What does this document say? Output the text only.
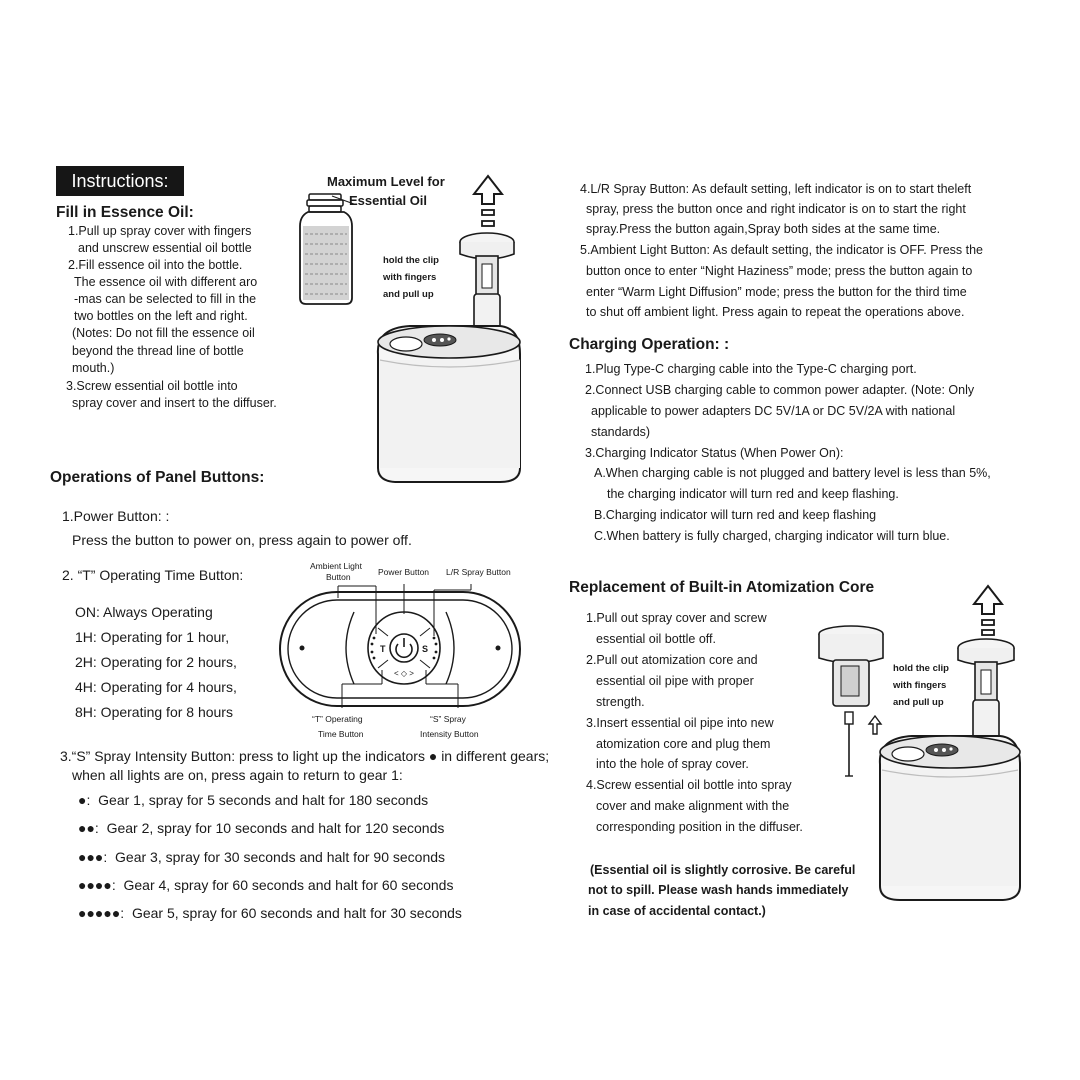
Instructions:
Fill in Essence Oil:
1.Pull up spray cover with fingers
and unscrew essential oil bottle
2.Fill essence oil into the bottle.
The essence oil with different aro
-mas can be selected to fill in the
two bottles on the left and right.
(Notes: Do not fill the essence oil
beyond the thread line of bottle
mouth.)
3.Screw essential oil bottle into
spray cover and insert to the diffuser.
Maximum Level for
Essential Oil
hold the clip
with fingers
and pull up
Operations of Panel Buttons:
1.Power Button: :
Press the button to power on, press again to power off.
2. “T” Operating Time Button:
ON: Always Operating
1H: Operating for 1 hour,
2H: Operating for 2 hours,
4H: Operating for 4 hours,
8H: Operating for 8 hours
Ambient Light
Button	Power Button L/R Spray Button
“T” Operating
Time Button
“S” Spray
Intensity Button
T	S
< ◇ >
3.“S” Spray Intensity Button: press to light up the indicators ● in different gears;
when all lights are on, press again to return to gear 1:
●: Gear 1, spray for 5 seconds and halt for 180 seconds
●●: Gear 2, spray for 10 seconds and halt for 120 seconds
●●●: Gear 3, spray for 30 seconds and halt for 90 seconds
●●●●: Gear 4, spray for 60 seconds and halt for 60 seconds
●●●●●: Gear 5, spray for 60 seconds and halt for 30 seconds
4.L/R Spray Button: As default setting, left indicator is on to start theleft
spray, press the button once and right indicator is on to start the right
spray.Press the button again,Spray both sides at the same time.
5.Ambient Light Button: As default setting, the indicator is OFF. Press the
button once to enter “Night Haziness” mode; press the button again to
enter “Warm Light Diffusion” mode; press the button for the third time
to shut off ambient light. Press again to repeat the operations above.
Charging Operation: :
1.Plug Type-C charging cable into the Type-C charging port.
2.Connect USB charging cable to common power adapter. (Note: Only
applicable to power adapters DC 5V/1A or DC 5V/2A with national
standards)
3.Charging Indicator Status (When Power On):
A.When charging cable is not plugged and battery level is less than 5%,
the charging indicator will turn red and keep flashing.
B.Charging indicator will turn red and keep flashing
C.When battery is fully charged, charging indicator will turn blue.
Replacement of Built-in Atomization Core
1.Pull out spray cover and screw
essential oil bottle off.
2.Pull out atomization core and
essential oil pipe with proper
strength.
3.Insert essential oil pipe into new
atomization core and plug them
into the hole of spray cover.
4.Screw essential oil bottle into spray
cover and make alignment with the
corresponding position in the diffuser.
(Essential oil is slightly corrosive. Be careful
not to spill. Please wash hands immediately
in case of accidental contact.)
hold the clip
with fingers
and pull up
